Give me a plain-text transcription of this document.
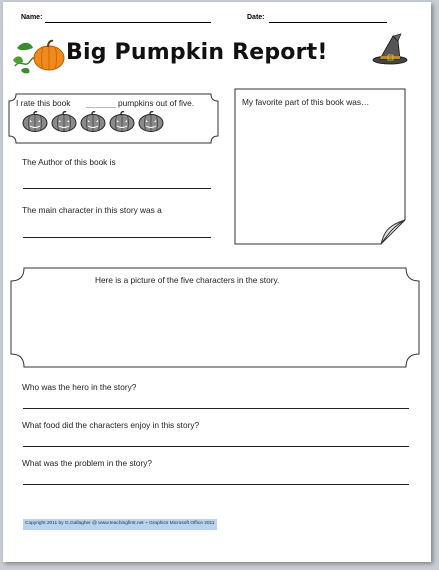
Name:	Date:
Big Pumpkin Report!
I rate this book	pumpkins out of five.	My favorite part of this book was…
The Author of this book is
The main character in this story was a
Here is a picture of the five characters in the story.
Who was the hero in the story?
What food did the characters enjoy in this story?
What was the problem in the story?
Copyright 2011 by G.Gallagher @ www.teachingfirst.net ~ Graphics Microsoft Office 2011
